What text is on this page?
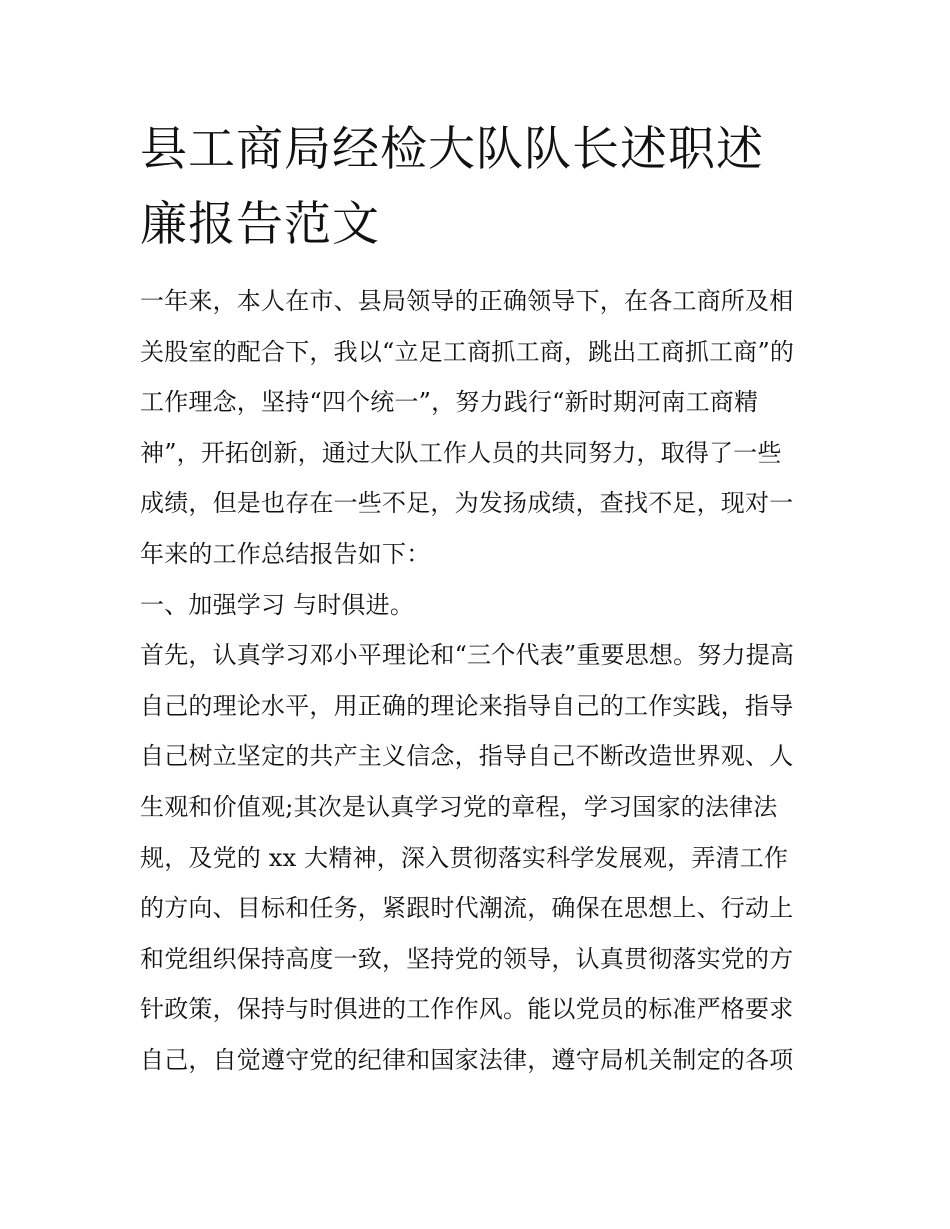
县工商局经检大队队长述职述
廉报告范文
一年来，本人在市、县局领导的正确领导下，在各工商所及相
关股室的配合下，我以“立足工商抓工商，跳出工商抓工商”的
工作理念，坚持“四个统一”，努力践行“新时期河南工商精
神”，开拓创新，通过大队工作人员的共同努力，取得了一些
成绩，但是也存在一些不足，为发扬成绩，查找不足，现对一
年来的工作总结报告如下：
一、加强学习 与时俱进。
首先，认真学习邓小平理论和“三个代表”重要思想。努力提高
自己的理论水平，用正确的理论来指导自己的工作实践，指导
自己树立坚定的共产主义信念，指导自己不断改造世界观、人
生观和价值观;其次是认真学习党的章程，学习国家的法律法
规，及党的 xx 大精神，深入贯彻落实科学发展观，弄清工作
的方向、目标和任务，紧跟时代潮流，确保在思想上、行动上
和党组织保持高度一致，坚持党的领导，认真贯彻落实党的方
针政策，保持与时俱进的工作作风。能以党员的标准严格要求
自己，自觉遵守党的纪律和国家法律，遵守局机关制定的各项
